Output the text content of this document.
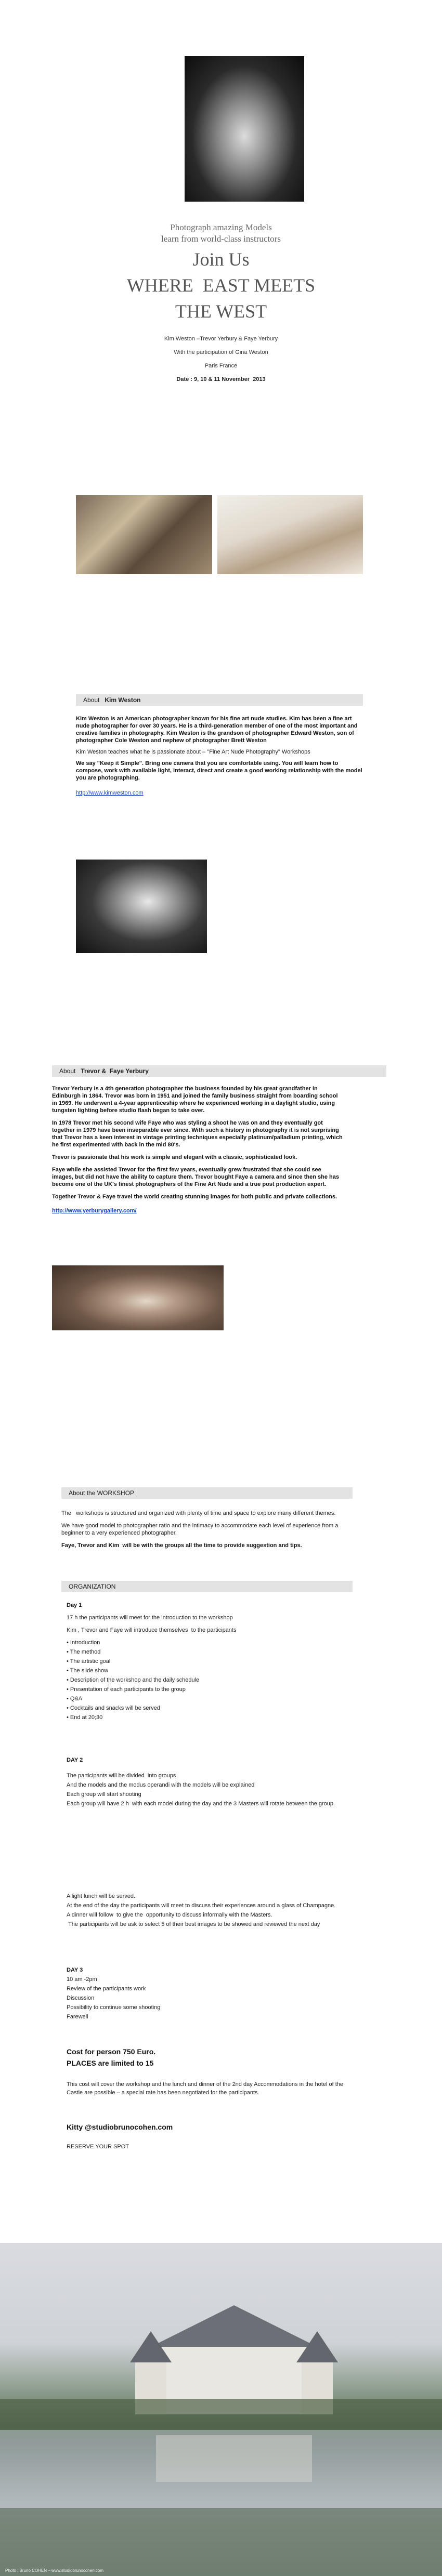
Photograph amazing Models
learn from world-class instructors
Join Us
WHERE  EAST MEETS
THE WEST
Kim Weston –Trevor Yerbury & Faye Yerbury
With the participation of Gina Weston
Paris France
Date : 9, 10 & 11 November  2013
About Kim Weston

Kim Weston is an American photographer known for his fine art nude studies. Kim has been a fine art nude photographer for over 30 years. He is a third-generation member of one of the most important and creative families in photography. Kim Weston is the grandson of photographer Edward Weston, son of photographer Cole Weston and nephew of photographer Brett Weston

Kim Weston teaches what he is passionate about – "Fine Art Nude Photography" Workshops

We say "Keep it Simple". Bring one camera that you are comfortable using. You will learn how to compose, work with available light, interact, direct and create a good working relationship with the model you are photographing.

http://www.kimweston.com
About Trevor &  Faye Yerbury

Trevor Yerbury is a 4th generation photographer the business founded by his great grandfather in Edinburgh in 1864. Trevor was born in 1951 and joined the family business straight from boarding school in 1969. He underwent a 4-year apprenticeship where he experienced working in a daylight studio, using tungsten lighting before studio flash began to take over.

In 1978 Trevor met his second wife Faye who was styling a shoot he was on and they eventually got together in 1979 have been inseparable ever since. With such a history in photography it is not surprising that Trevor has a keen interest in vintage printing techniques especially platinum/palladium printing, which he first experimented with back in the mid 80's.

Trevor is passionate that his work is simple and elegant with a classic, sophisticated look.

Faye while she assisted Trevor for the first few years, eventually grew frustrated that she could see images, but did not have the ability to capture them. Trevor bought Faye a camera and since then she has become one of the UK's finest photographers of the Fine Art Nude and a true post production expert.

Together Trevor & Faye travel the world creating stunning images for both public and private collections.

http://www.yerburygallery.com/
About the WORKSHOP

The   workshops is structured and organized with plenty of time and space to explore many different themes.

We have good model to photographer ratio and the intimacy to accommodate each level of experience from a beginner to a very experienced photographer.

Faye, Trevor and Kim  will be with the groups all the time to provide suggestion and tips.

ORGANIZATION
Day 1
17 h the participants will meet for the introduction to the workshop
Kim , Trevor and Faye will introduce themselves  to the participants
• Introduction
• The method
• The artistic goal
• The slide show
• Description of the workshop and the daily schedule
• Presentation of each participants to the group
• Q&A
• Cocktails and snacks will be served
• End at 20;30
DAY 2
The participants will be divided  into groups
And the models and the modus operandi with the models will be explained
Each group will start shooting
Each group will have 2 h  with each model during the day and the 3 Masters will rotate between the group.
A light lunch will be served.
At the end of the day the participants will meet to discuss their experiences around a glass of Champagne.
A dinner will follow  to give the  opportunity to discuss informally with the Masters.
The participants will be ask to select 5 of their best images to be showed and reviewed the next day
DAY 3
10 am -2pm
Review of the participants work
Discussion
Possibility to continue some shooting
Farewell
Cost for person 750 Euro.
PLACES are limited to 15
This cost will cover the workshop and the lunch and dinner of the 2nd day Accommodations in the hotel of the Castle are possible – a special rate has been negotiated for the participants.
Kitty @studiobrunocohen.com
RESERVE YOUR SPOT
Photo : Bruno COHEN – www.studiobrunocohen.com
